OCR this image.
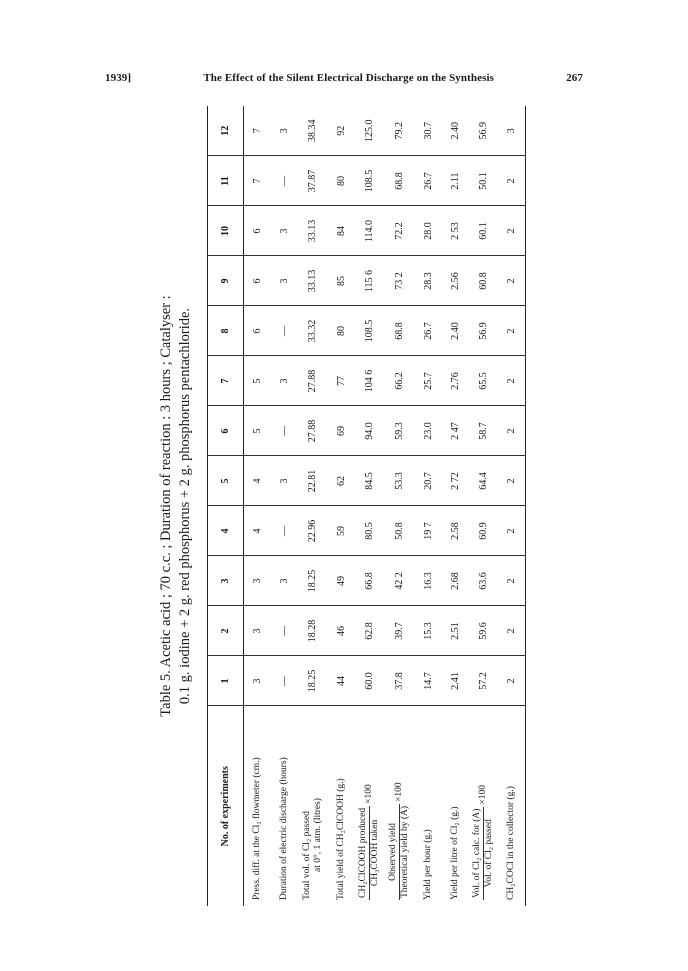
1939]	The Effect of the Silent Electrical Discharge on the Synthesis	267
Table 5. Acetic acid ; 70 c.c. ; Duration of reaction : 3 hours ; Catalyser : 0.1 g. iodine + 2 g. red phosphorus + 2 g. phosphorus pentachloride.
No. of experiments	1	2	3	4	5	6	7	8	9	10	11	12
Press. diff. at the Cl₂ flowmeter (cm.)	3	3	3	4	4	5	5	6	6	6	7	7
Duration of electric discharge (hours)	—	—	3	—	3	—	3	—	3	3	—	3

Total vol. of Cl₂ passed at 0°, 1 atm. (litres)	18.25	18.28	18.25	22.96	22.81	27.88	27.88	33.32	33.13	33.13	37.87	38.34
Total yield of CH₂ClCOOH (g.)	44	46	49	59	62	69	77	80	85	84	80	92

CH₂ClCOOH produced CH₃COOH taken
×100	60.0	62.8	66.8	80.5	84.5	94.0	104 6	108.5	115 6	114.0	108.5	125.0

Observed yield Theoretical yield by (A)
×100	37.8	39.7	42 2	50.8	53.3	59.3	66.2	68.8	73 2	72.2	68.8	79.2
Yield per hour (g.)	14.7	15.3	16.3	19 7	20.7	23.0	25.7	26.7	28.3	28.0	26.7	30.7
Yield per litre of Cl₂ (g.)	2.41	2.51	2.68	2.58	2 72	2 47	2.76	2.40	2.56	2 53	2.11	2.40

Vol. of Cl₂ calc. for (A) Vol. of Cl₂ passed
×100	57.2	59.6	63.6	60.9	64.4	58.7	65.5	56.9	60.8	60.1	50.1	56.9
CH₂COCl in the collector (g.)	2	2	2	2	2	2	2	2	2	2	2	3
